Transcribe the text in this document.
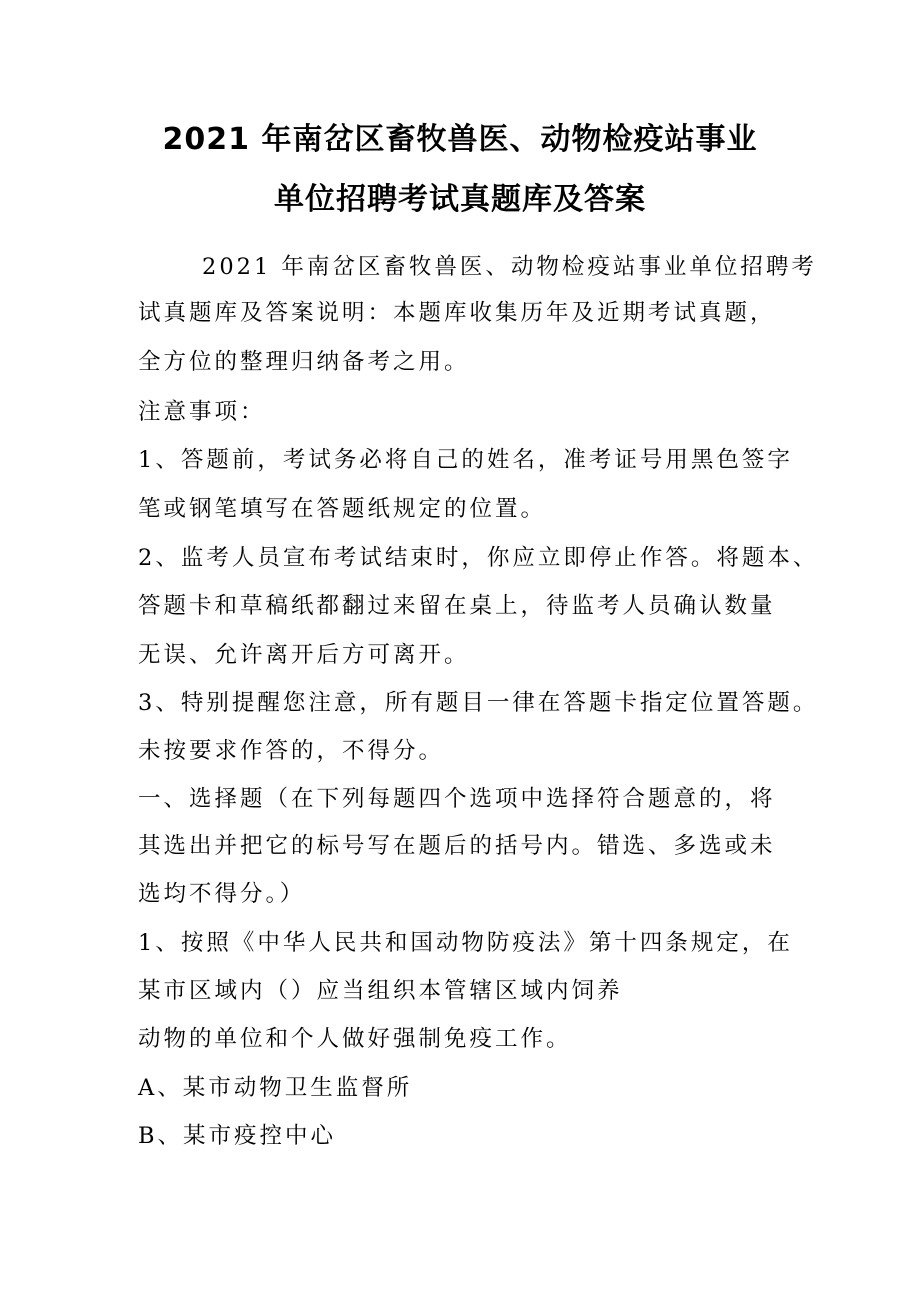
2021 年南岔区畜牧兽医、动物检疫站事业
单位招聘考试真题库及答案

2021 年南岔区畜牧兽医、动物检疫站事业单位招聘考

试真题库及答案说明：本题库收集历年及近期考试真题，

全方位的整理归纳备考之用。

注意事项：

1、答题前，考试务必将自己的姓名，准考证号用黑色签字

笔或钢笔填写在答题纸规定的位置。

2、监考人员宣布考试结束时，你应立即停止作答。将题本、

答题卡和草稿纸都翻过来留在桌上，待监考人员确认数量

无误、允许离开后方可离开。

3、特别提醒您注意，所有题目一律在答题卡指定位置答题。

未按要求作答的，不得分。

一、选择题（在下列每题四个选项中选择符合题意的，将

其选出并把它的标号写在题后的括号内。错选、多选或未

选均不得分。）

1、按照《中华人民共和国动物防疫法》第十四条规定，在

某市区域内（）应当组织本管辖区域内饲养

动物的单位和个人做好强制免疫工作。

A、某市动物卫生监督所

B、某市疫控中心
